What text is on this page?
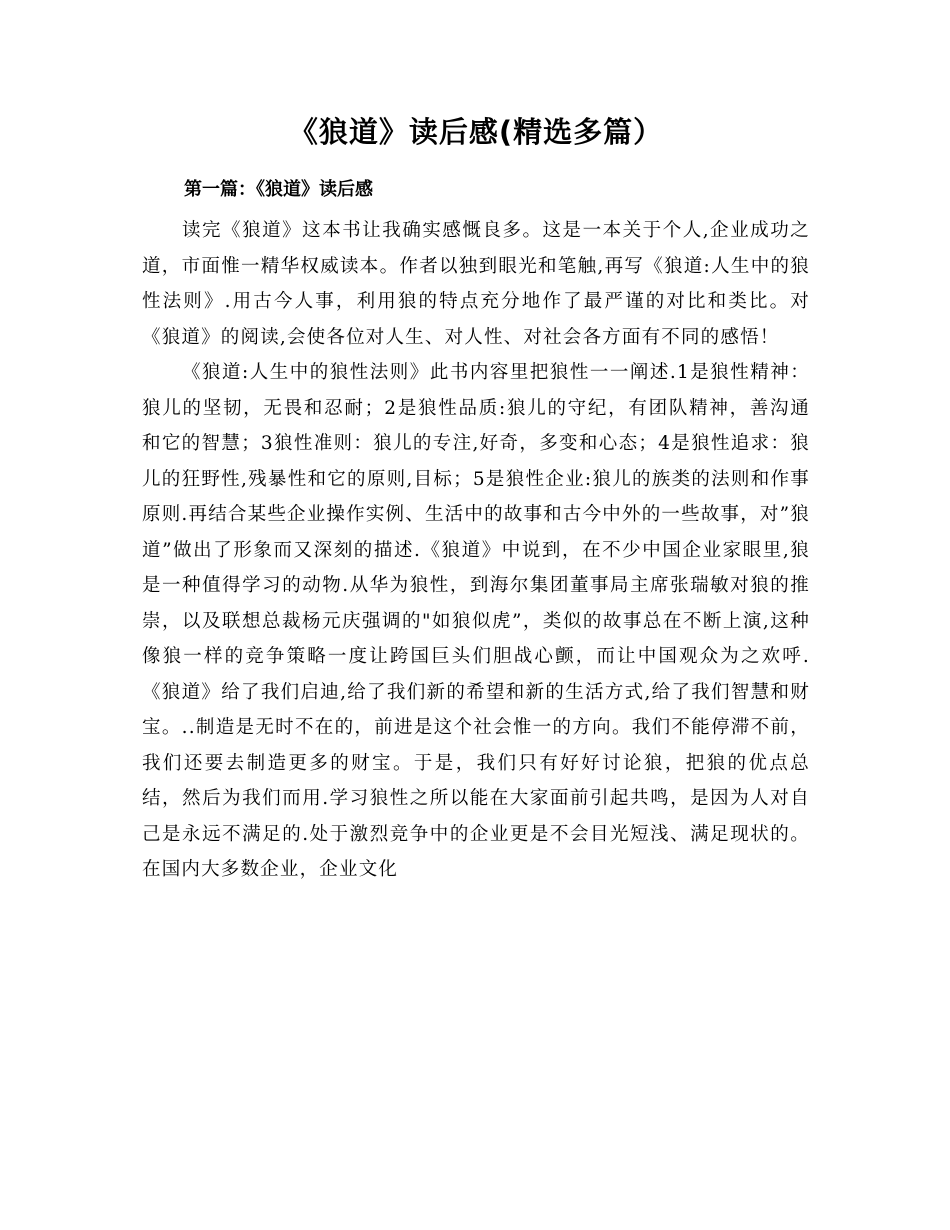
《狼道》读后感(精选多篇）
第一篇：《狼道》读后感

读完《狼道》这本书让我确实感慨良多。这是一本关于个人,企业成功之道，市面惟一精华权威读本。作者以独到眼光和笔触,再写《狼道:人生中的狼性法则》.用古今人事，利用狼的特点充分地作了最严谨的对比和类比。对《狼道》的阅读,会使各位对人生、对人性、对社会各方面有不同的感悟！

《狼道:人生中的狼性法则》此书内容里把狼性一一阐述.1是狼性精神：狼儿的坚韧，无畏和忍耐；2是狼性品质:狼儿的守纪，有团队精神，善沟通和它的智慧；3狼性准则：狼儿的专注,好奇，多变和心态；4是狼性追求：狼儿的狂野性,残暴性和它的原则,目标；5是狼性企业:狼儿的族类的法则和作事原则.再结合某些企业操作实例、生活中的故事和古今中外的一些故事，对”狼道”做出了形象而又深刻的描述.《狼道》中说到，在不少中国企业家眼里,狼是一种值得学习的动物.从华为狼性，到海尔集团董事局主席张瑞敏对狼的推崇，以及联想总裁杨元庆强调的"如狼似虎”，类似的故事总在不断上演,这种像狼一样的竞争策略一度让跨国巨头们胆战心颤，而让中国观众为之欢呼.《狼道》给了我们启迪,给了我们新的希望和新的生活方式,给了我们智慧和财宝。..制造是无时不在的，前进是这个社会惟一的方向。我们不能停滞不前，我们还要去制造更多的财宝。于是，我们只有好好讨论狼，把狼的优点总结，然后为我们而用.学习狼性之所以能在大家面前引起共鸣，是因为人对自己是永远不满足的.处于激烈竞争中的企业更是不会目光短浅、满足现状的。在国内大多数企业，企业文化
